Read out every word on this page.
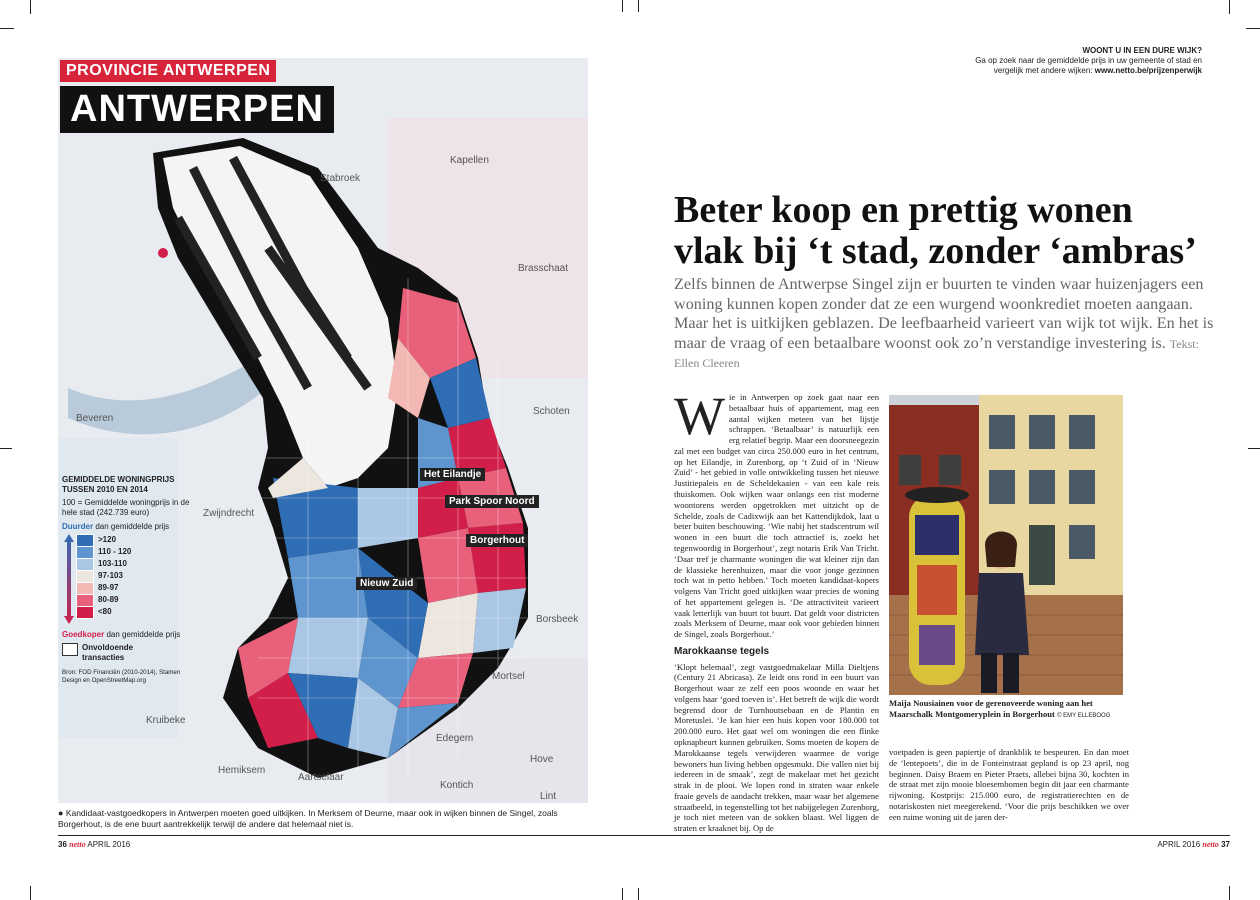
Stabroek
Kapellen
Brasschaat
Schoten
Beveren
Zwijndrecht
Borsbeek
Mortsel
Kruibeke
Edegem
Hove
Hemiksem
Aartselaar
Kontich
Lint
Het Eilandje
Park Spoor Noord
Borgerhout
Nieuw Zuid
PROVINCIE ANTWERPEN
ANTWERPEN
GEMIDDELDE WONINGPRIJS TUSSEN 2010 EN 2014
100 = Gemiddelde woningprijs in de hele stad (242.739 euro)
Duurder dan gemiddelde prijs
>120
110 - 120
103-110
97-103
89-97
80-89
<80
Goedkoper dan gemiddelde prijs
Onvoldoende transacties
Bron: FOD Financiën (2010-2014), Stamen Design en OpenStreetMap.org
● Kandidaat-vastgoedkopers in Antwerpen moeten goed uitkijken. In Merksem of Deurne, maar ook in wijken binnen de Singel, zoals Borgerhout, is de ene buurt aantrekkelijk terwijl de andere dat helemaal niet is.
36 netto APRIL 2016
WOONT U IN EEN DURE WIJK?
Ga op zoek naar de gemiddelde prijs in uw gemeente of stad en
vergelijk met andere wijken: www.netto.be/prijzenperwijk
Beter koop en prettig wonen
vlak bij ‘t stad, zonder ‘ambras’
Zelfs binnen de Antwerpse Singel zijn er buurten te vinden waar huizenjagers een woning kunnen kopen zonder dat ze een wurgend woonkrediet moeten aangaan. Maar het is uitkijken geblazen. De leefbaarheid varieert van wijk tot wijk. En het is maar de vraag of een betaalbare woonst ook zo’n verstandige investering is. Tekst: Ellen Cleeren
Wie in Antwerpen op zoek gaat naar een betaalbaar huis of appartement, mag een aantal wijken meteen van het lijstje schrappen. ‘Betaalbaar’ is natuurlijk een erg relatief begrip. Maar een doorsneegezin zal met een budget van circa 250.000 euro in het centrum, op het Eilandje, in Zurenborg, op ‘t Zuid of in ‘Nieuw Zuid’ - het gebied in volle ontwikkeling tussen het nieuwe Justitiepaleis en de Scheldekaaien - van een kale reis thuiskomen. Ook wijken waar onlangs een rist moderne woontorens werden opgetrokken met uitzicht op de Schelde, zoals de Cadixwijk aan het Kattendijkdok, laat u beter buiten beschouwing. ‘Wie nabij het stadscentrum wil wonen in een buurt die toch attractief is, zoekt het tegenwoordig in Borgerhout’, zegt notaris Erik Van Tricht. ‘Daar tref je charmante woningen die wat kleiner zijn dan de klassieke herenhuizen, maar die voor jonge gezinnen toch wat in petto hebben.’ Toch moeten kandidaat-kopers volgens Van Tricht goed uitkijken waar precies de woning of het appartement gelegen is. ‘De attractiviteit varieert vaak letterlijk van buurt tot buurt. Dat geldt voor districten zoals Merksem of Deurne, maar ook voor gebieden binnen de Singel, zoals Borgerhout.’
Marokkaanse tegels
‘Klopt helemaal’, zegt vastgoedmakelaar Milla Dieltjens (Century 21 Abricasa). Ze leidt ons rond in een buurt van Borgerhout waar ze zelf een poos woonde en waar het volgens haar ‘goed toeven is’. Het betreft de wijk die wordt begrensd door de Turnhoutsebaan en de Plantin en Moretuslei. ‘Je kan hier een huis kopen voor 180.000 tot 200.000 euro. Het gaat wel om woningen die een flinke opknapbeurt kunnen gebruiken. Soms moeten de kopers de Marokkaanse tegels verwijderen waarmee de vorige bewoners hun living hebben opgesmukt. Die vallen niet bij iedereen in de smaak’, zegt de makelaar met het gezicht strak in de plooi. We lopen rond in straten waar enkele fraaie gevels de aandacht trekken, maar waar het algemene straatbeeld, in tegenstelling tot het nabijgelegen Zurenborg, je toch niet meteen van de sokken blaast. Wel liggen de straten er kraaknet bij. Op de
Maija Nousiainen voor de gerenoveerde woning aan het Maarschalk Montgomeryplein in Borgerhout © EMY ELLEBOOG
voetpaden is geen papiertje of drankblik te bespeuren. En dan moet de ‘lentepoets’, die in de Fonteinstraat gepland is op 23 april, nog beginnen. Daisy Braem en Pieter Praets, allebei bijna 30, kochten in de straat met zijn mooie bloesembomen begin dit jaar een charmante rijwoning. Kostprijs: 215.000 euro, de registratierechten en de notariskosten niet meegerekend. ‘Voor die prijs beschikken we over een ruime woning uit de jaren der-
APRIL 2016 netto 37
